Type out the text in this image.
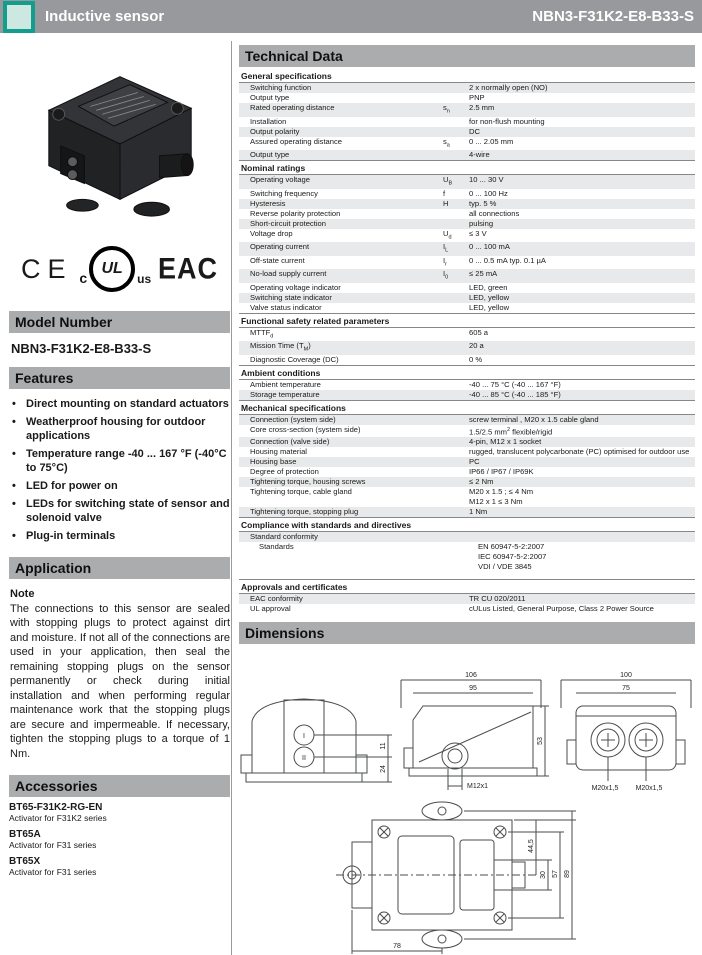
Inductive sensor	NBN3-F31K2-E8-B33-S
CE c
UL
us EAC
Model Number
NBN3-F31K2-E8-B33-S
Features
• Direct mounting on standard actuators
• Weatherproof housing for outdoor applications
• Temperature range -40 ... 167 °F (-40°C to 75°C)
• LED for power on
• LEDs for switching state of sensor and solenoid valve
• Plug-in terminals
Application
Note

The connections to this sensor are sealed with stopping plugs to protect against dirt and moisture. If not all of the connections are used in your application, then seal the remaining stopping plugs on the sensor permanently or check during initial installation and when performing regular maintenance work that the stopping plugs are secure and impermeable. If necessary, tighten the stopping plugs to a torque of 1 Nm.

Accessories
BT65-F31K2-RG-EN
Activator for F31K2 series
BT65A
Activator for F31 series
BT65X
Activator for F31 series
Technical Data
General specifications
Switching function	2 x normally open (NO)
Output type	PNP
Rated operating distance	$s_n$	2.5 mm
Installation	for non-flush mounting
Output polarity	DC
Assured operating distance	$s_a$	0 ... 2.05 mm
Output type	4-wire
Nominal ratings
Operating voltage	$U_B$	10 ... 30 V
Switching frequency	f	0 ... 100 Hz
Hysteresis	H	typ. 5 %
Reverse polarity protection	all connections
Short-circuit protection	pulsing
Voltage drop	$U_d$	≤ 3 V
Operating current	$I_L$	0 ... 100 mA
Off-state current	$I_r$	0 ... 0.5 mA typ. 0.1 µA
No-load supply current	$I_0$	≤ 25 mA
Operating voltage indicator	LED, green
Switching state indicator	LED, yellow
Valve status indicator	LED, yellow
Functional safety related parameters
$MTTF_d$	605 a
Mission Time $(T_M)$	20 a
Diagnostic Coverage (DC)	0 %
Ambient conditions
Ambient temperature	-40 ... 75 °C (-40 ... 167 °F)
Storage temperature	-40 ... 85 °C (-40 ... 185 °F)
Mechanical specifications
Connection (system side)	screw terminal , M20 x 1.5 cable gland
Core cross-section (system side)	1.5/2.5 $mm^2$ flexible/rigid
Connection (valve side)	4-pin, M12 x 1 socket
Housing material	rugged, translucent polycarbonate (PC) optimised for outdoor use
Housing base	PC
Degree of protection	IP66 / IP67 / IP69K
Tightening torque, housing screws	≤ 2 Nm
Tightening torque, cable gland	M20 x 1.5 ; ≤ 4 Nm
M12 x 1 ≤ 3 Nm
Tightening torque, stopping plug	1 Nm
Compliance with standards and directives
Standard conformity
Standards	EN 60947-5-2:2007
IEC 60947-5-2:2007
VDI / VDE 3845
Approvals and certificates
EAC conformity	TR CU 020/2011
UL approval	cULus Listed, General Purpose, Class 2 Power Source
Dimensions
I
II
11
24
106
95
M12x1
53
100
75
M20x1,5 M20x1,5
44,5
30 57 89
78
